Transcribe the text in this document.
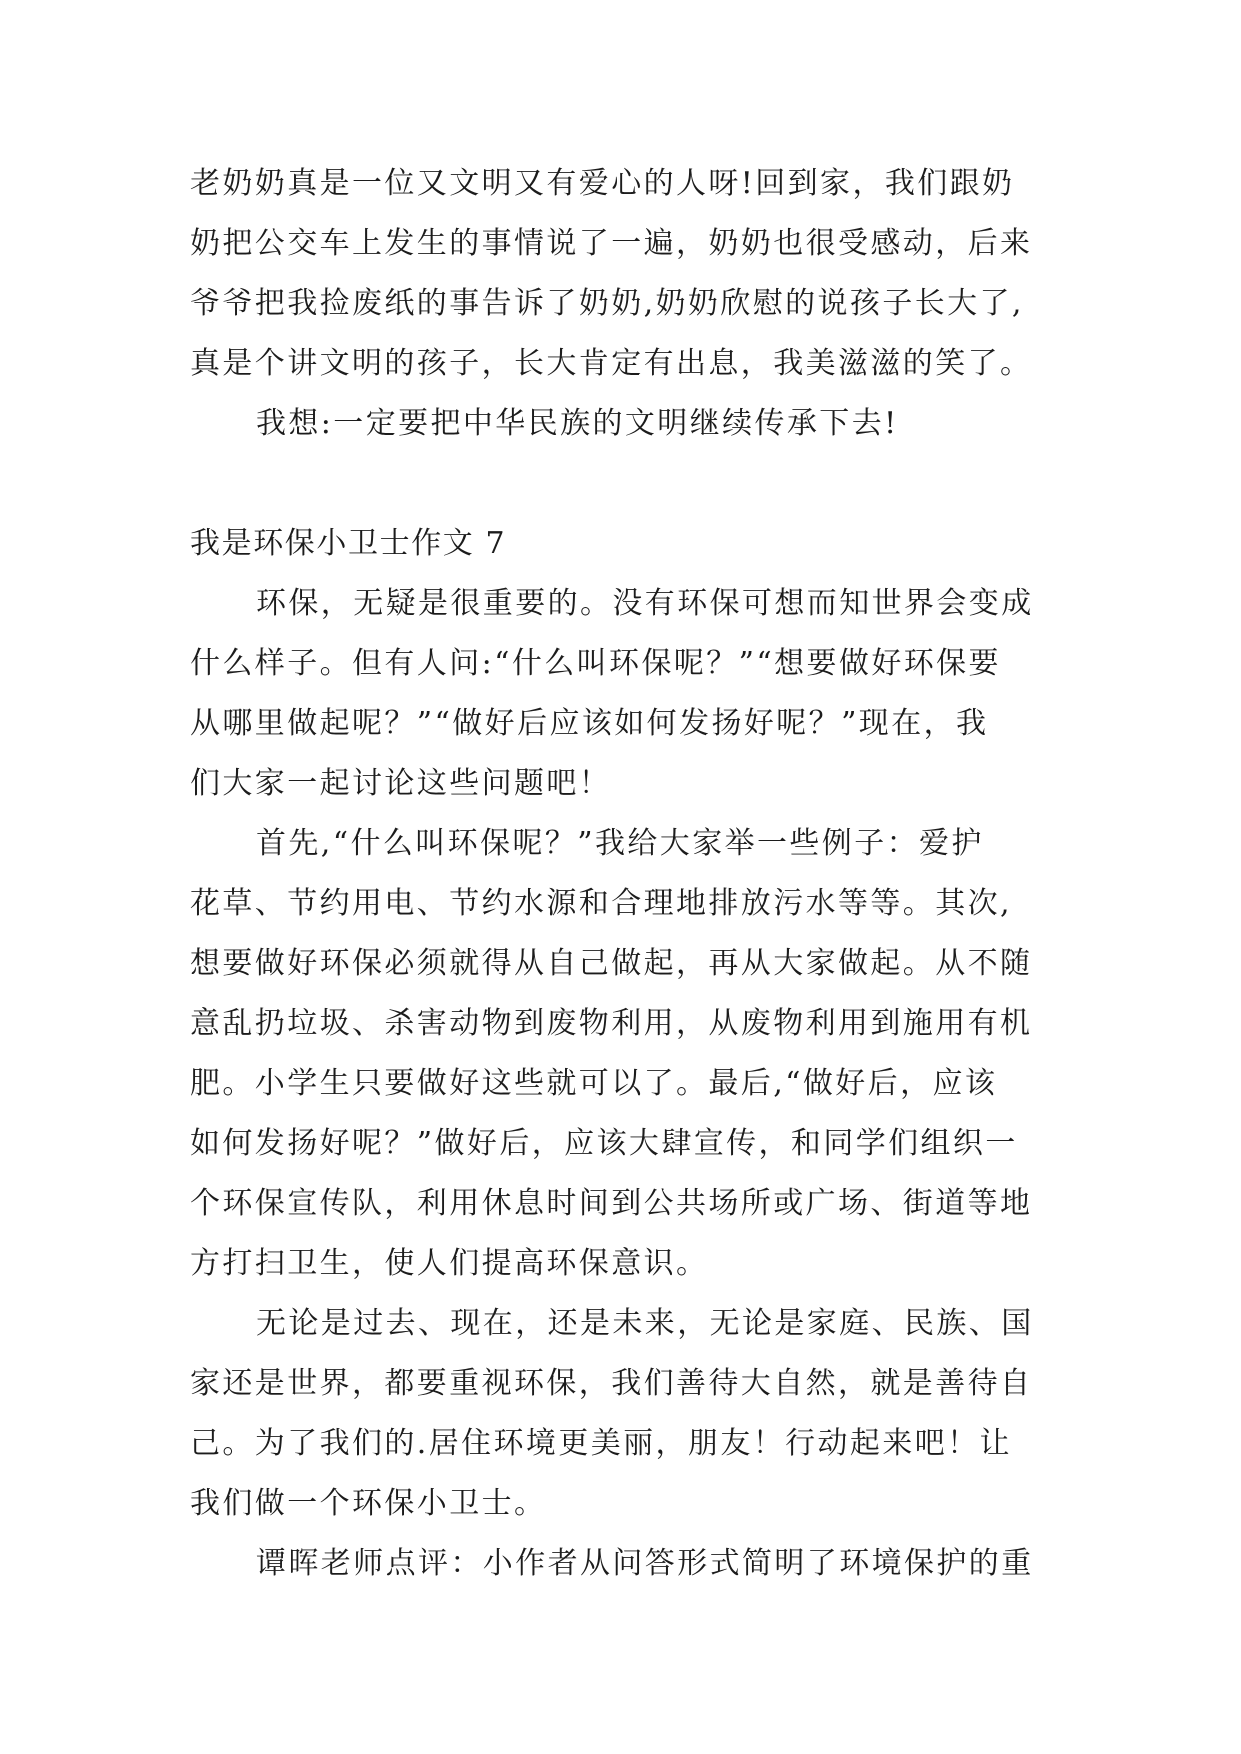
老奶奶真是一位又文明又有爱心的人呀!回到家，我们跟奶
奶把公交车上发生的事情说了一遍，奶奶也很受感动，后来
爷爷把我捡废纸的事告诉了奶奶,奶奶欣慰的说孩子长大了,
真是个讲文明的孩子，长大肯定有出息，我美滋滋的笑了。
我想:一定要把中华民族的文明继续传承下去!
我是环保小卫士作文 7
环保，无疑是很重要的。没有环保可想而知世界会变成
什么样子。但有人问:“什么叫环保呢？”“想要做好环保要
从哪里做起呢？”“做好后应该如何发扬好呢？”现在，我
们大家一起讨论这些问题吧！
首先,“什么叫环保呢？”我给大家举一些例子：爱护
花草、节约用电、节约水源和合理地排放污水等等。其次,
想要做好环保必须就得从自己做起，再从大家做起。从不随
意乱扔垃圾、杀害动物到废物利用，从废物利用到施用有机
肥。小学生只要做好这些就可以了。最后,“做好后，应该
如何发扬好呢？”做好后，应该大肆宣传，和同学们组织一
个环保宣传队，利用休息时间到公共场所或广场、街道等地
方打扫卫生，使人们提高环保意识。
无论是过去、现在，还是未来，无论是家庭、民族、国
家还是世界，都要重视环保，我们善待大自然，就是善待自
己。为了我们的.居住环境更美丽，朋友！行动起来吧！让
我们做一个环保小卫士。
谭晖老师点评：小作者从问答形式简明了环境保护的重
